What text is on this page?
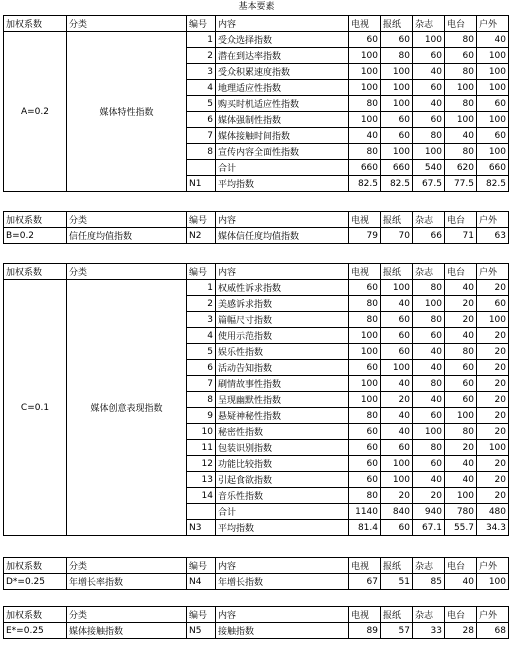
基本要素
加权系数	分类	编号	内容	电视	报纸	杂志	电台	户外
A=0.2	媒体特性指数	1	受众选择指数	60	60	100	80	40
		2	潜在到达率指数	100	80	60	60	100
		3	受众积累速度指数	100	100	40	80	100
		4	地理适应性指数	100	100	60	100	100
		5	购买时机适应性指数	80	100	40	80	60
		6	媒体强制性指数	100	60	60	100	100
		7	媒体接触时间指数	40	60	80	40	60
		8	宣传内容全面性指数	80	100	100	80	100
			合计	660	660	540	620	660
		N1	平均指数	82.5	82.5	67.5	77.5	82.5
加权系数	分类	编号	内容	电视	报纸	杂志	电台	户外
B=0.2	信任度均值指数	N2	媒体信任度均值指数	79	70	66	71	63
加权系数	分类	编号	内容	电视	报纸	杂志	电台	户外
C=0.1	媒体创意表现指数	1	权威性诉求指数	60	100	80	40	20
		2	美感诉求指数	80	40	100	20	60
		3	篇幅尺寸指数	80	60	80	20	100
		4	使用示范指数	100	60	60	40	20
		5	娱乐性指数	100	60	40	80	20
		6	活动告知指数	60	100	40	60	20
		7	刷情故事性指数	100	40	80	60	20
		8	呈现幽默性指数	100	20	40	60	20
		9	悬疑神秘性指数	80	40	60	100	20
		10	秘密性指数	60	40	100	80	20
		11	包装识别指数	60	60	80	20	100
		12	功能比较指数	60	100	60	40	20
		13	引起食欲指数	60	100	40	40	20
		14	音乐性指数	80	20	20	100	20
			合计	1140	840	940	780	480
		N3	平均指数	81.4	60	67.1	55.7	34.3
加权系数	分类	编号	内容	电视	报纸	杂志	电台	户外
D*=0.25	年增长率指数	N4	年增长指数	67	51	85	40	100
加权系数	分类	编号	内容	电视	报纸	杂志	电台	户外
E*=0.25	媒体接触指数	N5	接触指数	89	57	33	28	68
